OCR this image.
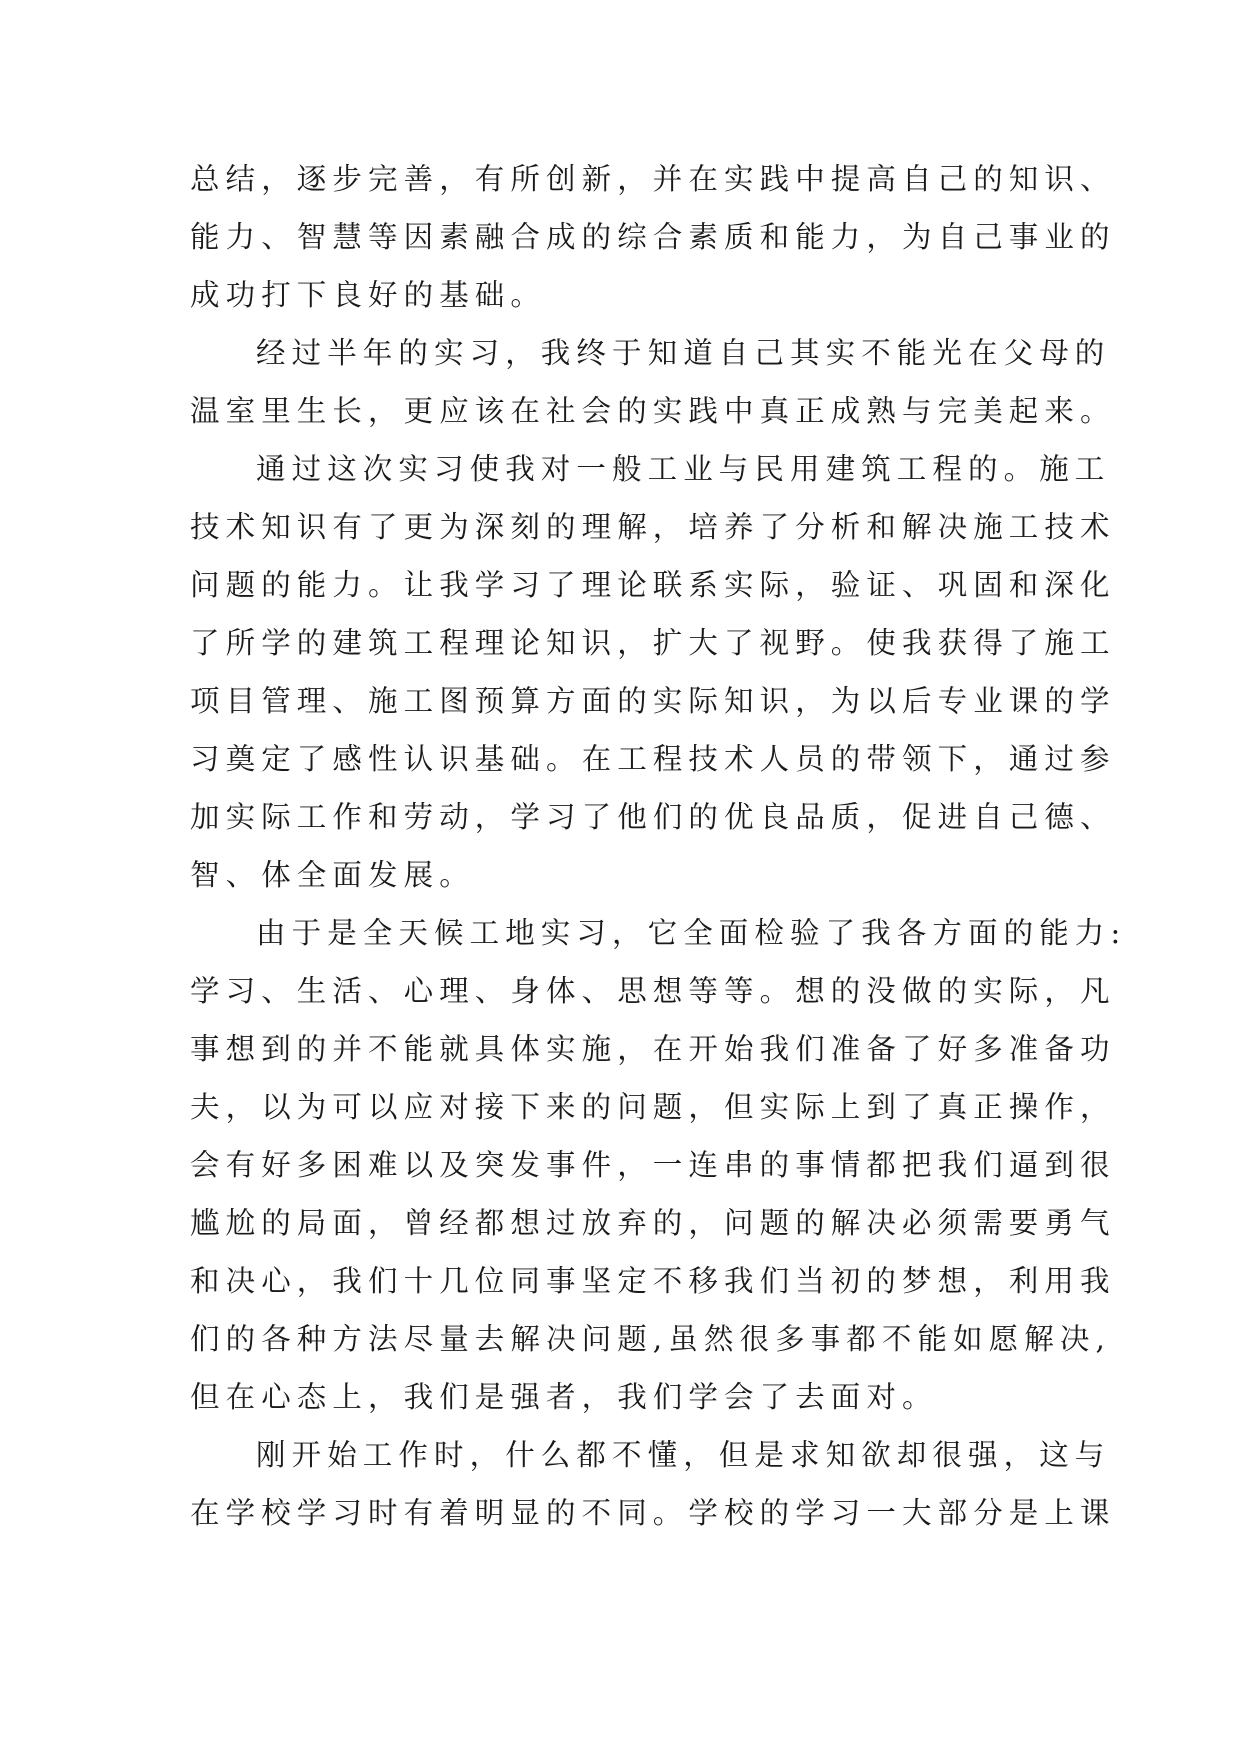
总结，逐步完善，有所创新，并在实践中提高自己的知识、
能力、智慧等因素融合成的综合素质和能力，为自己事业的
成功打下良好的基础。
经过半年的实习，我终于知道自己其实不能光在父母的
温室里生长，更应该在社会的实践中真正成熟与完美起来。
通过这次实习使我对一般工业与民用建筑工程的。施工
技术知识有了更为深刻的理解，培养了分析和解决施工技术
问题的能力。让我学习了理论联系实际，验证、巩固和深化
了所学的建筑工程理论知识，扩大了视野。使我获得了施工
项目管理、施工图预算方面的实际知识，为以后专业课的学
习奠定了感性认识基础。在工程技术人员的带领下，通过参
加实际工作和劳动，学习了他们的优良品质，促进自己德、
智、体全面发展。
由于是全天候工地实习，它全面检验了我各方面的能力:
学习、生活、心理、身体、思想等等。想的没做的实际，凡
事想到的并不能就具体实施，在开始我们准备了好多准备功
夫，以为可以应对接下来的问题，但实际上到了真正操作，
会有好多困难以及突发事件，一连串的事情都把我们逼到很
尴尬的局面，曾经都想过放弃的，问题的解决必须需要勇气
和决心，我们十几位同事坚定不移我们当初的梦想，利用我
们的各种方法尽量去解决问题,虽然很多事都不能如愿解决,
但在心态上，我们是强者，我们学会了去面对。
刚开始工作时，什么都不懂，但是求知欲却很强，这与
在学校学习时有着明显的不同。学校的学习一大部分是上课
